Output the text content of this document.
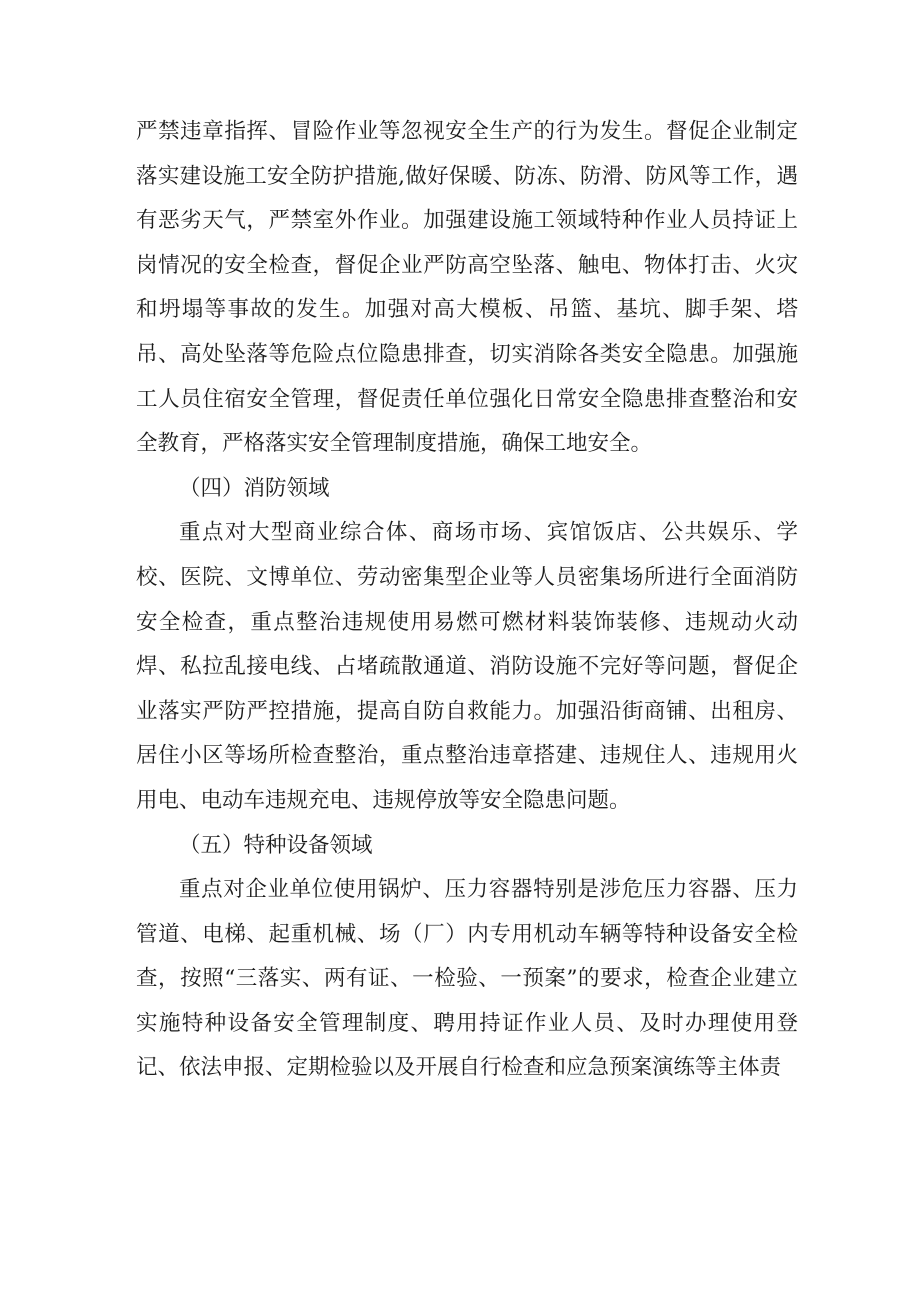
严禁违章指挥、冒险作业等忽视安全生产的行为发生。督促企业制定落实建设施工安全防护措施,做好保暖、防冻、防滑、防风等工作，遇有恶劣天气，严禁室外作业。加强建设施工领域特种作业人员持证上岗情况的安全检查，督促企业严防高空坠落、触电、物体打击、火灾和坍塌等事故的发生。加强对高大模板、吊篮、基坑、脚手架、塔吊、高处坠落等危险点位隐患排查，切实消除各类安全隐患。加强施工人员住宿安全管理，督促责任单位强化日常安全隐患排查整治和安全教育，严格落实安全管理制度措施，确保工地安全。

（四）消防领域

重点对大型商业综合体、商场市场、宾馆饭店、公共娱乐、学校、医院、文博单位、劳动密集型企业等人员密集场所进行全面消防安全检查，重点整治违规使用易燃可燃材料装饰装修、违规动火动焊、私拉乱接电线、占堵疏散通道、消防设施不完好等问题，督促企业落实严防严控措施，提高自防自救能力。加强沿街商铺、出租房、居住小区等场所检查整治，重点整治违章搭建、违规住人、违规用火用电、电动车违规充电、违规停放等安全隐患问题。

（五）特种设备领域

重点对企业单位使用锅炉、压力容器特别是涉危压力容器、压力管道、电梯、起重机械、场（厂）内专用机动车辆等特种设备安全检查，按照“三落实、两有证、一检验、一预案”的要求，检查企业建立实施特种设备安全管理制度、聘用持证作业人员、及时办理使用登记、依法申报、定期检验以及开展自行检查和应急预案演练等主体责
